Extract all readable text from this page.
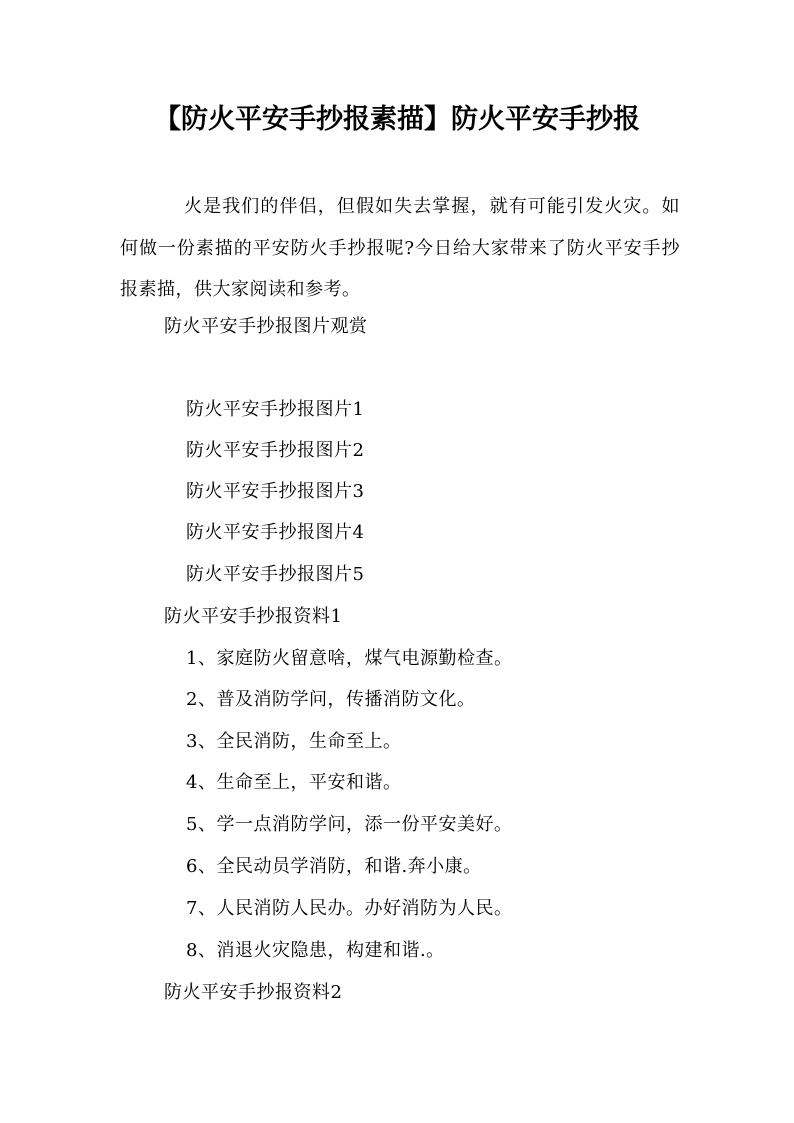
【防火平安手抄报素描】防火平安手抄报

火是我们的伴侣，但假如失去掌握，就有可能引发火灾。如何做一份素描的平安防火手抄报呢?今日给大家带来了防火平安手抄报素描，供大家阅读和参考。

防火平安手抄报图片观赏

防火平安手抄报图片1

防火平安手抄报图片2

防火平安手抄报图片3

防火平安手抄报图片4

防火平安手抄报图片5

防火平安手抄报资料1

1、家庭防火留意啥，煤气电源勤检查。

2、普及消防学问，传播消防文化。

3、全民消防，生命至上。

4、生命至上，平安和谐。

5、学一点消防学问，添一份平安美好。

6、全民动员学消防，和谐.奔小康。

7、人民消防人民办。办好消防为人民。

8、消退火灾隐患，构建和谐.。

防火平安手抄报资料2
